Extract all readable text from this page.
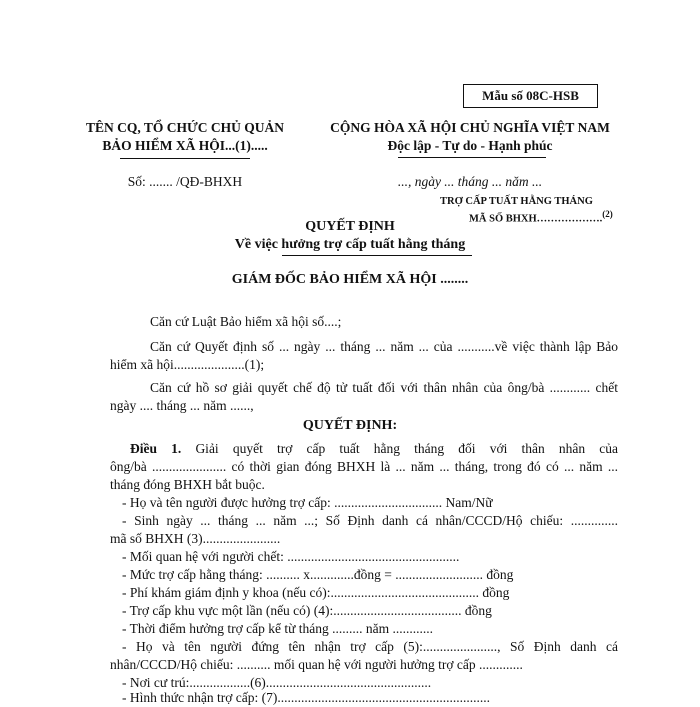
Mẫu số 08C-HSB
TÊN CQ, TỔ CHỨC CHỦ QUẢN
BẢO HIỂM XÃ HỘI...(1).....
CỘNG HÒA XÃ HỘI CHỦ NGHĨA VIỆT NAM
Độc lập - Tự do - Hạnh phúc
Số: ....... /QĐ-BHXH	..., ngày ... tháng ... năm ...
TRỢ CẤP TUẤT HẰNG THÁNG
MÃ SỐ BHXH……………….$^{(2)}$
QUYẾT ĐỊNH
Về việc hưởng trợ cấp tuất hằng tháng
GIÁM ĐỐC BẢO HIỂM XÃ HỘI ........
Căn cứ Luật Bảo hiểm xã hội số....;
Căn cứ Quyết định số ... ngày ... tháng ... năm ... của ...........về việc thành lập Bảo
hiểm xã hội.....................(1);
Căn cứ hồ sơ giải quyết chế độ tử tuất đối với thân nhân của ông/bà ............ chết
ngày .... tháng ... năm ......,
QUYẾT ĐỊNH:
Điều 1. Giải quyết trợ cấp tuất hằng tháng đối với thân nhân của
ông/bà ...................... có thời gian đóng BHXH là ... năm ... tháng, trong đó có ... năm ...
tháng đóng BHXH bắt buộc.
- Họ và tên người được hưởng trợ cấp: ................................ Nam/Nữ
- Sinh ngày ... tháng ... năm ...; Số Định danh cá nhân/CCCD/Hộ chiếu: ..............
mã số BHXH (3).......................
- Mối quan hệ với người chết: ...................................................
- Mức trợ cấp hằng tháng: .......... x.............đồng = .......................... đồng
- Phí khám giám định y khoa (nếu có):............................................ đồng
- Trợ cấp khu vực một lần (nếu có) (4):...................................... đồng
- Thời điểm hưởng trợ cấp kể từ tháng ......... năm ............
- Họ và tên người đứng tên nhận trợ cấp (5):......................, Số Định danh cá
nhân/CCCD/Hộ chiếu: .......... mối quan hệ với người hưởng trợ cấp .............
- Nơi cư trú:..................(6).................................................
- Hình thức nhận trợ cấp: (7)...............................................................
